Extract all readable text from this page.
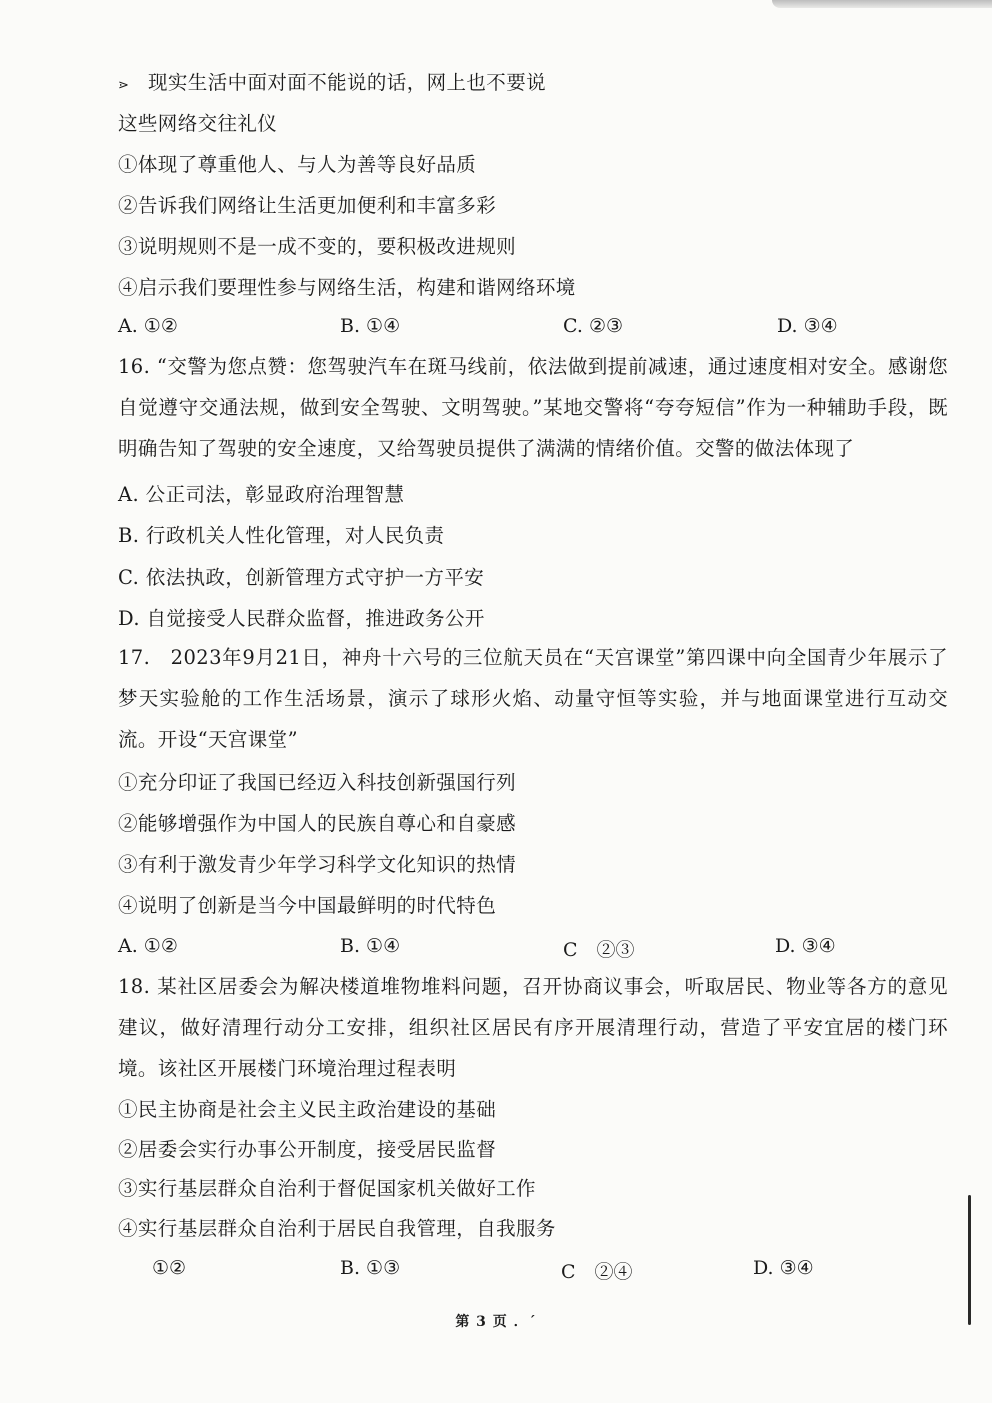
⋗ 现实生活中面对面不能说的话，网上也不要说
这些网络交往礼仪
①体现了尊重他人、与人为善等良好品质
②告诉我们网络让生活更加便利和丰富多彩
③说明规则不是一成不变的，要积极改进规则
④启示我们要理性参与网络生活，构建和谐网络环境
A. ①②	B. ①④	C. ②③	D. ③④
16. “交警为您点赞：您驾驶汽车在斑马线前，依法做到提前减速，通过速度相对安全。感谢您自觉遵守交通法规，做到安全驾驶、文明驾驶。”某地交警将“夸夸短信”作为一种辅助手段，既明确告知了驾驶的安全速度，又给驾驶员提供了满满的情绪价值。交警的做法体现了
A. 公正司法，彰显政府治理智慧
B. 行政机关人性化管理，对人民负责
C. 依法执政，创新管理方式守护一方平安
D. 自觉接受人民群众监督，推进政务公开
17.　2023年9月21日，神舟十六号的三位航天员在“天宫课堂”第四课中向全国青少年展示了梦天实验舱的工作生活场景，演示了球形火焰、动量守恒等实验，并与地面课堂进行互动交流。开设“天宫课堂”
①充分印证了我国已经迈入科技创新强国行列
②能够增强作为中国人的民族自尊心和自豪感
③有利于激发青少年学习科学文化知识的热情
④说明了创新是当今中国最鲜明的时代特色
A. ①②	B. ①④	C　②③	D. ③④
18. 某社区居委会为解决楼道堆物堆料问题，召开协商议事会，听取居民、物业等各方的意见建议，做好清理行动分工安排，组织社区居民有序开展清理行动，营造了平安宜居的楼门环境。该社区开展楼门环境治理过程表明
①民主协商是社会主义民主政治建设的基础
②居委会实行办事公开制度，接受居民监督
③实行基层群众自治利于督促国家机关做好工作
④实行基层群众自治利于居民自我管理，自我服务
①②	B. ①③	C　②④	D. ③④
第 3 页 ．ˊ
